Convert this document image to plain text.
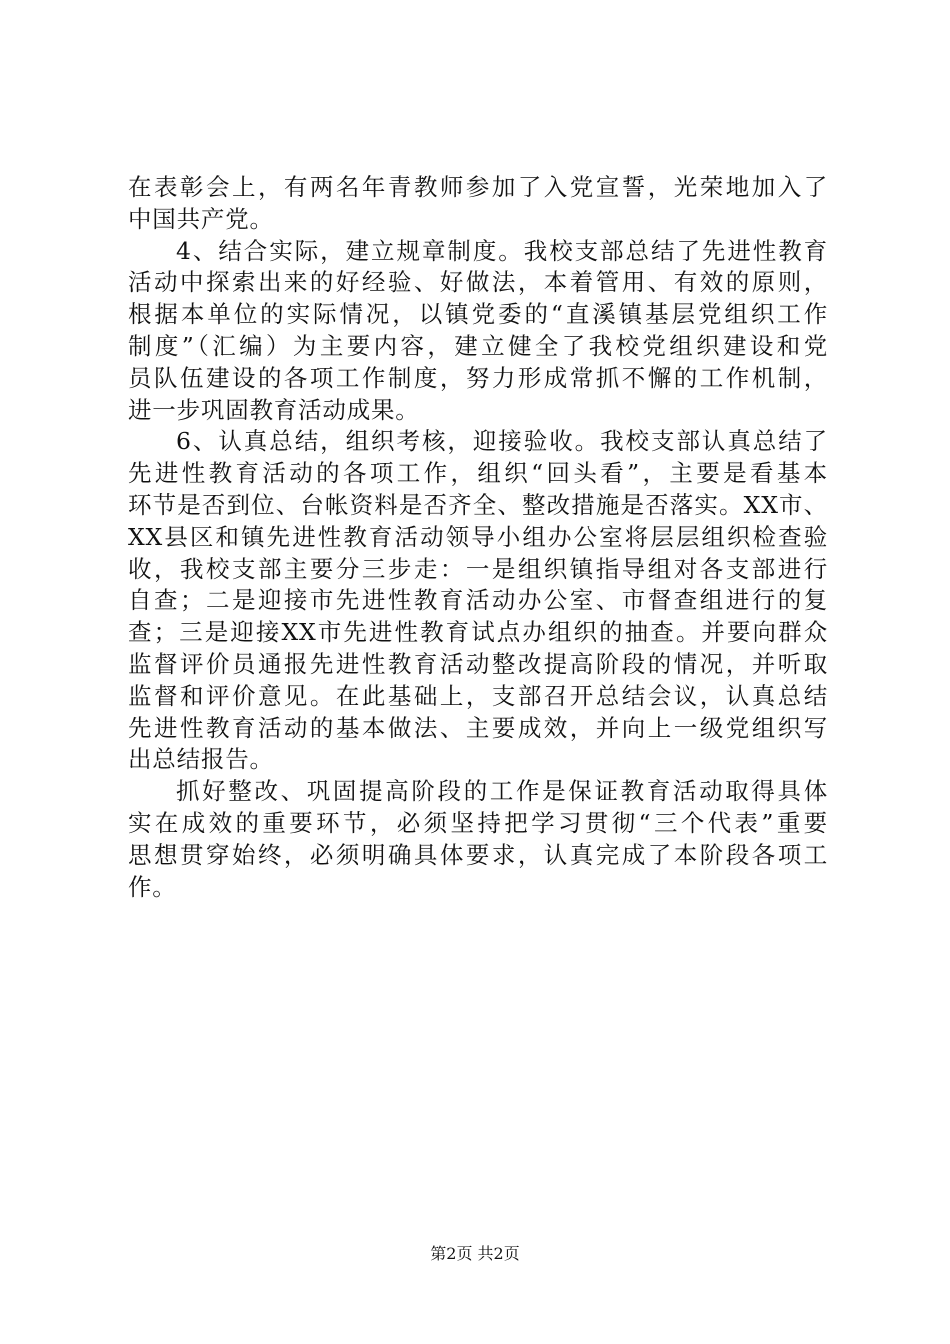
在表彰会上，有两名年青教师参加了入党宣誓，光荣地加入了
中国共产党。
4、结合实际，建立规章制度。我校支部总结了先进性教育
活动中探索出来的好经验、好做法，本着管用、有效的原则，
根据本单位的实际情况，以镇党委的“直溪镇基层党组织工作
制度”（汇编）为主要内容，建立健全了我校党组织建设和党
员队伍建设的各项工作制度，努力形成常抓不懈的工作机制，
进一步巩固教育活动成果。
6、认真总结，组织考核，迎接验收。我校支部认真总结了
先进性教育活动的各项工作，组织“回头看”，主要是看基本
环节是否到位、台帐资料是否齐全、整改措施是否落实。XX市、
XX县区和镇先进性教育活动领导小组办公室将层层组织检查验
收，我校支部主要分三步走：一是组织镇指导组对各支部进行
自查；二是迎接市先进性教育活动办公室、市督查组进行的复
查；三是迎接XX市先进性教育试点办组织的抽查。并要向群众
监督评价员通报先进性教育活动整改提高阶段的情况，并听取
监督和评价意见。在此基础上，支部召开总结会议，认真总结
先进性教育活动的基本做法、主要成效，并向上一级党组织写
出总结报告。
抓好整改、巩固提高阶段的工作是保证教育活动取得具体
实在成效的重要环节，必须坚持把学习贯彻“三个代表”重要
思想贯穿始终，必须明确具体要求，认真完成了本阶段各项工
作。
第2页 共2页
